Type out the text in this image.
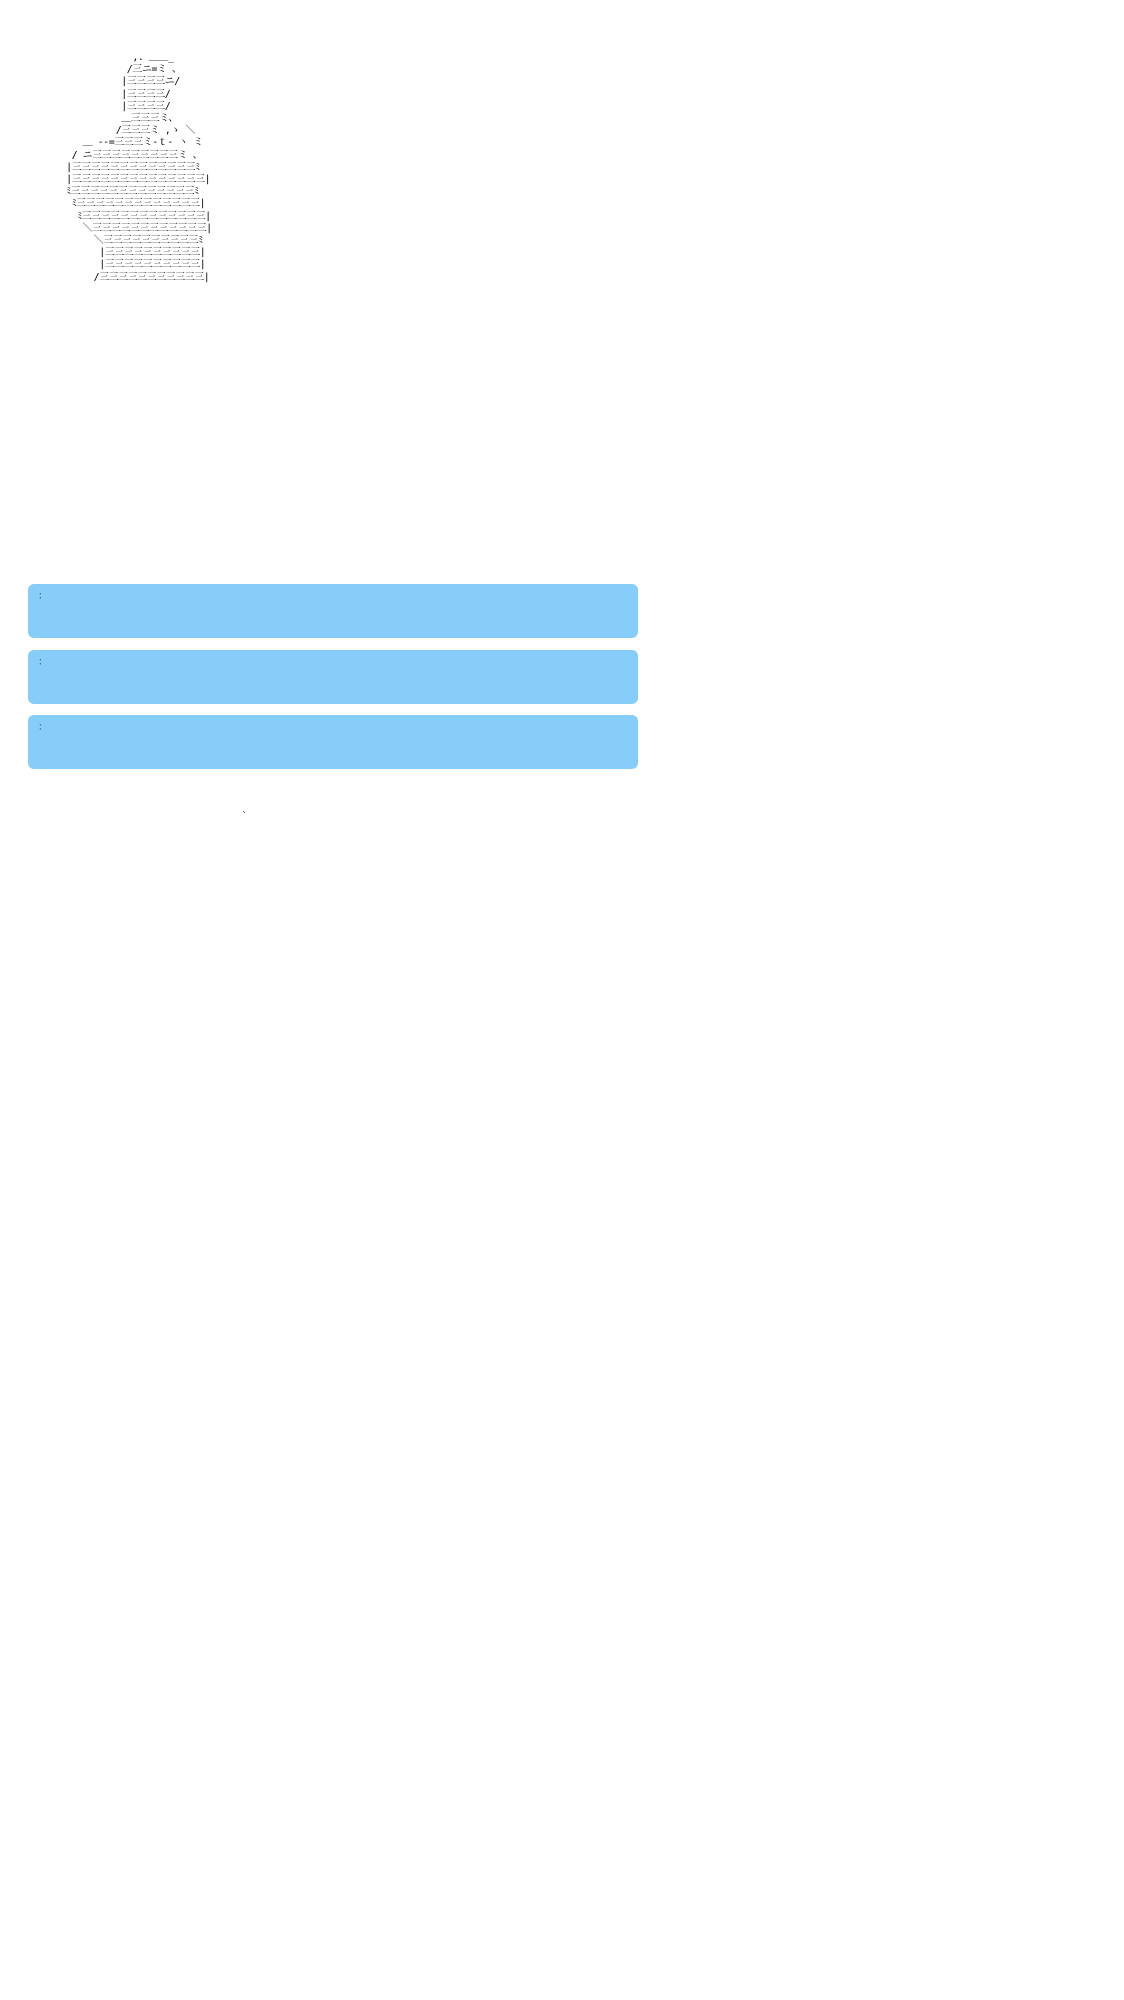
,. ＿＿_
/三ニ=ミ 、
|三三三三ニ/
|三三三三/
|三三三三/
＿三三三ミ、
/三三三ミ ,ゝ ＼
＿ -‐=三三三ミ-ｔ- ヽ ミ
/ ニ三三三三三三三三三ミ 、
|三三三三三三三三三三三三三ﾐ
|三三三三三三三三三三三三三三|
ﾐ三三三三三三三三三三三三三ﾐ
ﾐ三三三三三三三三三三三三三|
ﾐ三三三三三三三三三三三三三|
＼三三三三三三三三三三三三|
＼三三三三三三三三三三ﾐ
|三三三三三三三三三三|
|三三三三三三三三三三|
/三三三三三三三三三三三|
：
：
：
｀
